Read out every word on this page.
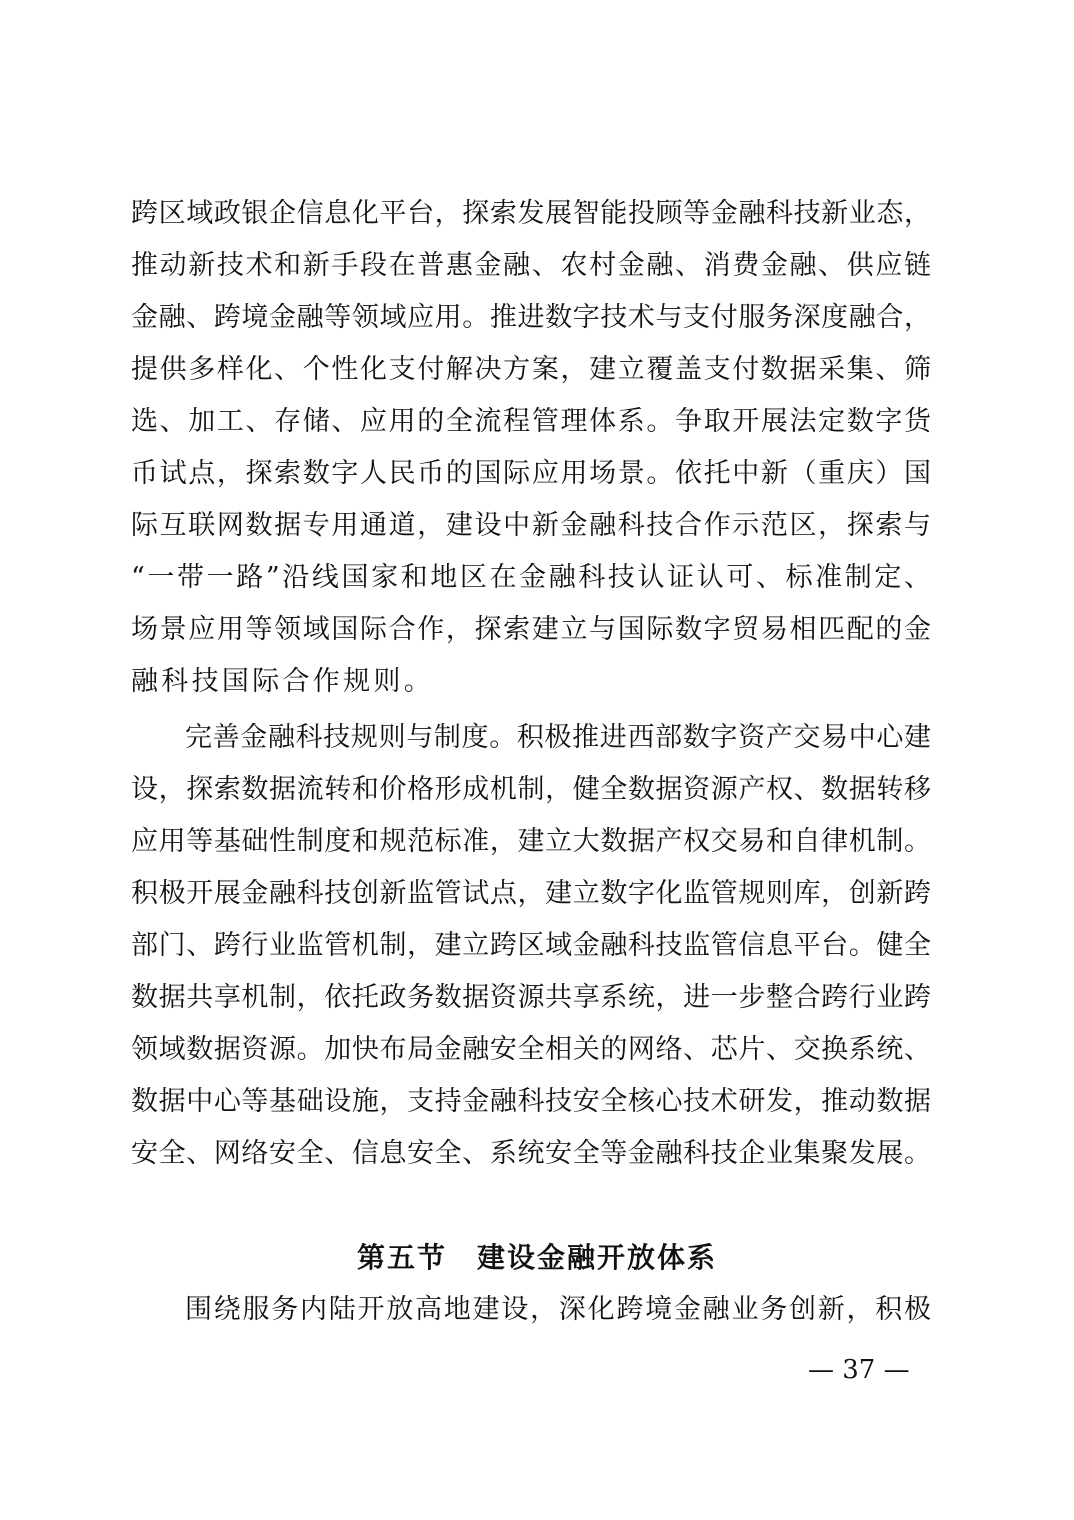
跨区域政银企信息化平台，探索发展智能投顾等金融科技新业态，
推动新技术和新手段在普惠金融、农村金融、消费金融、供应链
金融、跨境金融等领域应用。推进数字技术与支付服务深度融合，
提供多样化、个性化支付解决方案，建立覆盖支付数据采集、筛
选、加工、存储、应用的全流程管理体系。争取开展法定数字货
币试点，探索数字人民币的国际应用场景。依托中新（重庆）国
际互联网数据专用通道，建设中新金融科技合作示范区，探索与
“一带一路”沿线国家和地区在金融科技认证认可、标准制定、
场景应用等领域国际合作，探索建立与国际数字贸易相匹配的金
融科技国际合作规则。
完善金融科技规则与制度。积极推进西部数字资产交易中心建
设，探索数据流转和价格形成机制，健全数据资源产权、数据转移
应用等基础性制度和规范标准，建立大数据产权交易和自律机制。
积极开展金融科技创新监管试点，建立数字化监管规则库，创新跨
部门、跨行业监管机制，建立跨区域金融科技监管信息平台。健全
数据共享机制，依托政务数据资源共享系统，进一步整合跨行业跨
领域数据资源。加快布局金融安全相关的网络、芯片、交换系统、
数据中心等基础设施，支持金融科技安全核心技术研发，推动数据
安全、网络安全、信息安全、系统安全等金融科技企业集聚发展。
第五节　建设金融开放体系
围绕服务内陆开放高地建设，深化跨境金融业务创新，积极
— 37 —
